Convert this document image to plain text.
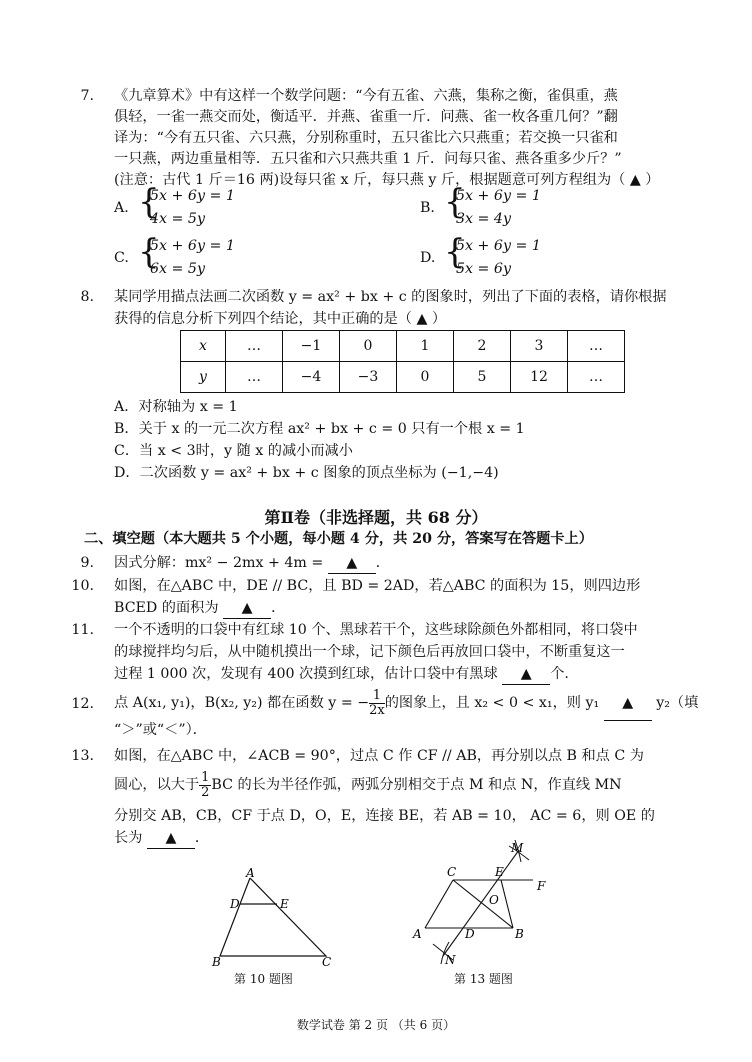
7. 《九章算术》中有这样一个数学问题：“今有五雀、六燕，集称之衡，雀俱重，燕
俱轻，一雀一燕交而处，衡适平．并燕、雀重一斤．问燕、雀一枚各重几何？”翻
译为：“今有五只雀、六只燕，分别称重时，五只雀比六只燕重；若交换一只雀和
一只燕，两边重量相等．五只雀和六只燕共重 1 斤．问每只雀、燕各重多少斤？”
(注意：古代 1 斤＝16 两)设每只雀 x 斤，每只燕 y 斤，根据题意可列方程组为（ ▲ ）
A. {
5x + 6y = 1
4x = 5y
B. {
5x + 6y = 1
3x = 4y
C. {
5x + 6y = 1
6x = 5y
D. {
5x + 6y = 1
5x = 6y
8. 某同学用描点法画二次函数 y = ax² + bx + c 的图象时，列出了下面的表格，请你根据
获得的信息分析下列四个结论，其中正确的是（ ▲ ）
x	…	−1	0	1	2	3	…
y	…	−4	−3	0	5	12	…
A．对称轴为 x = 1
B．关于 x 的一元二次方程 ax² + bx + c = 0 只有一个根 x = 1
C．当 x < 3时，y 随 x 的减小而减小
D．二次函数 y = ax² + bx + c 图象的顶点坐标为 (−1,−4)
第Ⅱ卷（非选择题，共 68 分）
二、填空题（本大题共 5 个小题，每小题 4 分，共 20 分，答案写在答题卡上）
9. 因式分解：mx² − 2mx + 4m = ▲ ．
10. 如图，在△ABC 中，DE // BC，且 BD = 2AD，若△ABC 的面积为 15，则四边形
BCED 的面积为 ▲ ．
11. 一个不透明的口袋中有红球 10 个、黑球若干个，这些球除颜色外都相同，将口袋中
的球搅拌均匀后，从中随机摸出一个球，记下颜色后再放回口袋中，不断重复这一
过程 1 000 次，发现有 400 次摸到红球，估计口袋中有黑球 ▲ 个.
12. 点 A(x₁, y₁)，B(x₂, y₂) 都在函数 y = − $\frac{1}{2x}$ 的图象上，且 x₂ < 0 < x₁，则 y₁ ▲ y₂（填
“＞”或“＜”）．
13. 如图，在△ABC 中，∠ACB = 90°，过点 C 作 CF // AB，再分别以点 B 和点 C 为
圆心，以大于 $\frac{1}{2}$ BC 的长为半径作弧，两弧分别相交于点 M 和点 N，作直线 MN
分别交 AB，CB，CF 于点 D，O，E，连接 BE，若 AB = 10， AC = 6，则 OE 的
长为 ▲ ．
A
D	E
B	C
第 10 题图
M
C	E
F
O
A	D	B
N
第 13 题图
数学试卷 第 2 页 （共 6 页）
